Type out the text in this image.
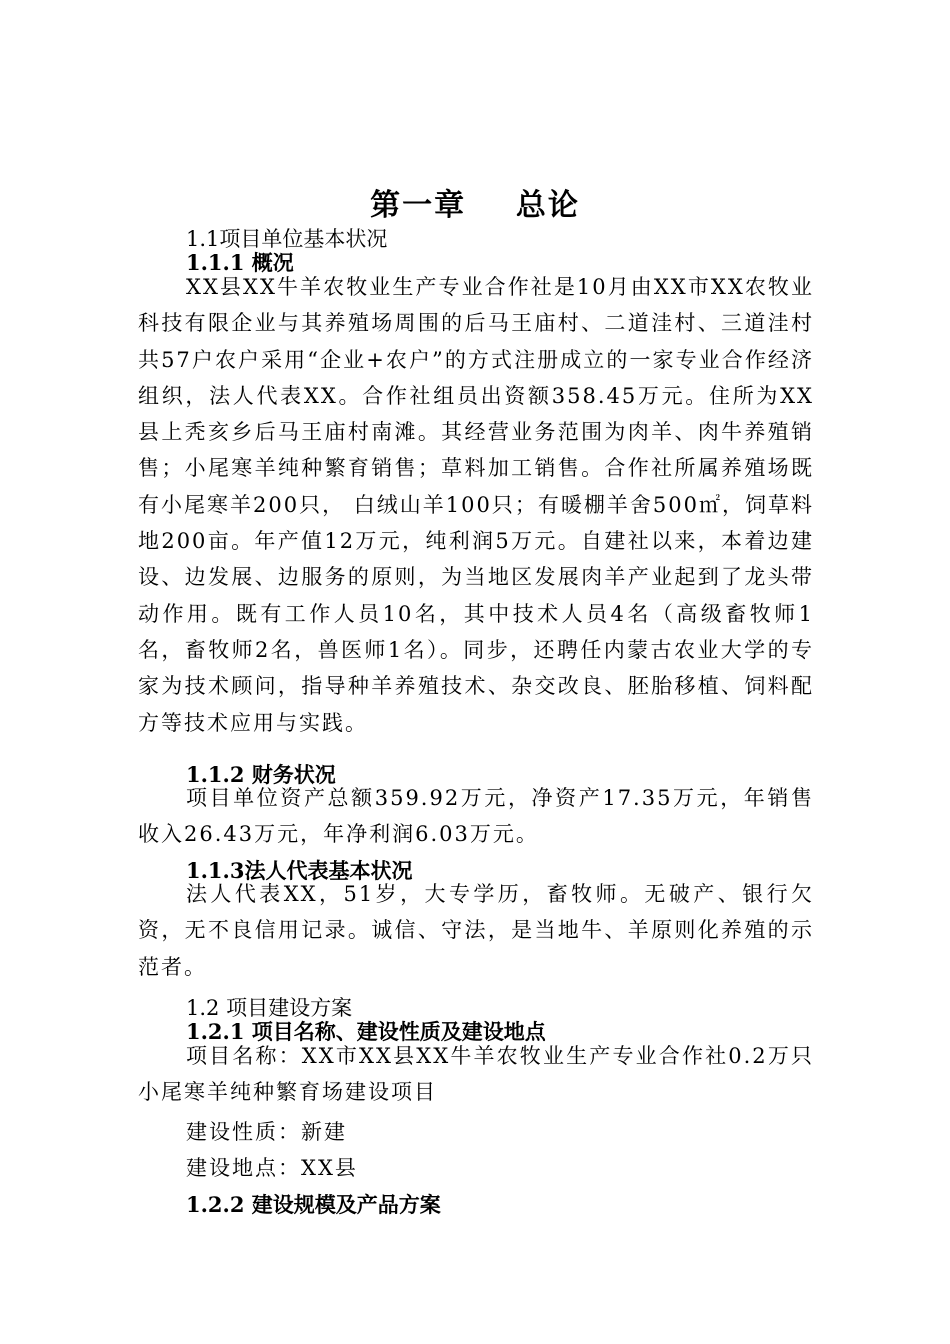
第一章    总论
1.1项目单位基本状况
1.1.1 概况
XX县XX牛羊农牧业生产专业合作社是10月由XX市XX农牧业科技有限企业与其养殖场周围的后马王庙村、二道洼村、三道洼村共57户农户采用“企业+农户”的方式注册成立的一家专业合作经济组织，法人代表XX。合作社组员出资额358.45万元。住所为XX县上秃亥乡后马王庙村南滩。其经营业务范围为肉羊、肉牛养殖销售；小尾寒羊纯种繁育销售；草料加工销售。合作社所属养殖场既有小尾寒羊200只， 白绒山羊100只；有暖棚羊舍500㎡，饲草料地200亩。年产值12万元，纯利润5万元。自建社以来，本着边建设、边发展、边服务的原则，为当地区发展肉羊产业起到了龙头带动作用。既有工作人员10名，其中技术人员4名（高级畜牧师1名，畜牧师2名，兽医师1名）。同步，还聘任内蒙古农业大学的专家为技术顾问，指导种羊养殖技术、杂交改良、胚胎移植、饲料配方等技术应用与实践。
1.1.2 财务状况
项目单位资产总额359.92万元，净资产17.35万元，年销售收入26.43万元，年净利润6.03万元。
1.1.3法人代表基本状况
法人代表XX，51岁，大专学历，畜牧师。无破产、银行欠资，无不良信用记录。诚信、守法，是当地牛、羊原则化养殖的示范者。
1.2 项目建设方案
1.2.1 项目名称、建设性质及建设地点
项目名称：XX市XX县XX牛羊农牧业生产专业合作社0.2万只小尾寒羊纯种繁育场建设项目
建设性质：新建
建设地点：XX县
1.2.2 建设规模及产品方案
